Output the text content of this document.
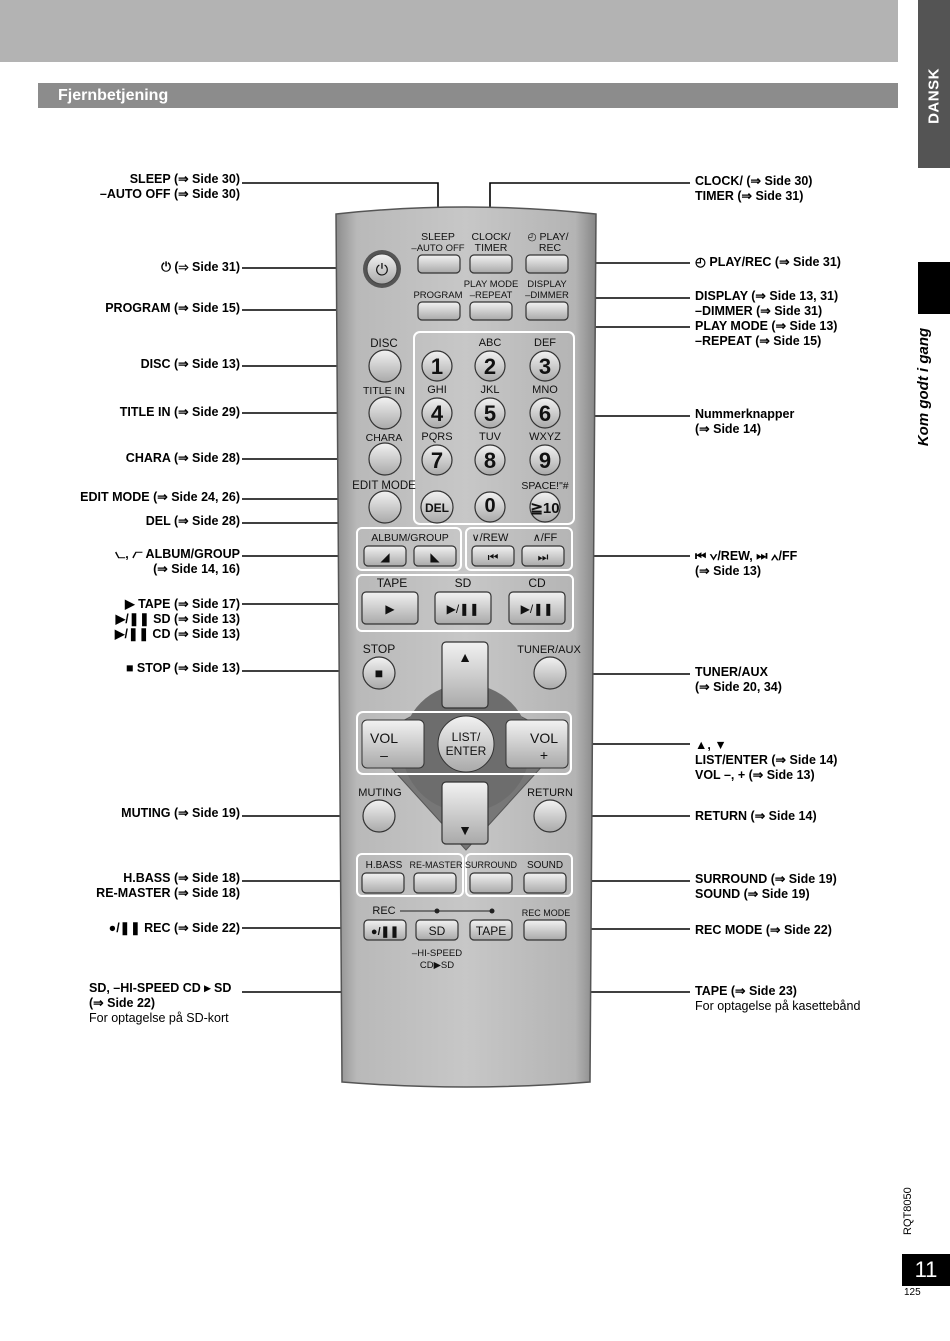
Fjernbetjening	DANSK
Kom godt i gang
⏻
SLEEP
–AUTO OFF
CLOCK/
TIMER
◴ PLAY/
REC
PROGRAM
PLAY MODE
–REPEAT
DISPLAY
–DIMMER
DISC
TITLE IN
CHARA
EDIT MODE
DEL
1 2
ABC
3
DEF
4
GHI
5
JKL
6
MNO
7
PQRS
8
TUV
9
WXYZ
0 ≧10
SPACE!"#
ALBUM/GROUP ∨/REW ∧/FF
◢	◣	⏮	⏭
TAPE	SD	CD
▶	▶/❚❚	▶/❚❚
STOP	TUNER/AUX
■
▲
▼
VOL
–
VOL
+
LIST/
ENTER
MUTING	RETURN
H.BASS RE-MASTER SURROUND SOUND
REC	REC MODE
●/❚❚ SD	TAPE
–HI-SPEED
CD▶SD
SLEEP (⇒ Side 30)
–AUTO OFF (⇒ Side 30)
⏻ (⇒ Side 31)
PROGRAM (⇒ Side 15)
DISC (⇒ Side 13)
TITLE IN (⇒ Side 29)
CHARA (⇒ Side 28)
EDIT MODE (⇒ Side 24, 26)
DEL (⇒ Side 28)
⦦, ⦧ ALBUM/GROUP
(⇒ Side 14, 16)
▶ TAPE (⇒ Side 17)
▶/❚❚ SD (⇒ Side 13)
▶/❚❚ CD (⇒ Side 13)
■ STOP (⇒ Side 13)
MUTING (⇒ Side 19)
H.BASS (⇒ Side 18)
RE-MASTER (⇒ Side 18)
●/❚❚ REC (⇒ Side 22)
SD, –HI-SPEED CD ▸ SD
(⇒ Side 22)
For optagelse på SD-kort
CLOCK/ (⇒ Side 30)
TIMER (⇒ Side 31)
◴ PLAY/REC (⇒ Side 31)
DISPLAY (⇒ Side 13, 31)
–DIMMER (⇒ Side 31)
PLAY MODE (⇒ Side 13)
–REPEAT (⇒ Side 15)
Nummerknapper
(⇒ Side 14)
⏮ ∨/REW, ⏭ ∧/FF
(⇒ Side 13)
TUNER/AUX
(⇒ Side 20, 34)
▲, ▼
LIST/ENTER (⇒ Side 14)
VOL –, + (⇒ Side 13)
RETURN (⇒ Side 14)
SURROUND (⇒ Side 19)
SOUND (⇒ Side 19)
REC MODE (⇒ Side 22)
TAPE (⇒ Side 23)
For optagelse på kasettebånd
RQT8050
11
125
